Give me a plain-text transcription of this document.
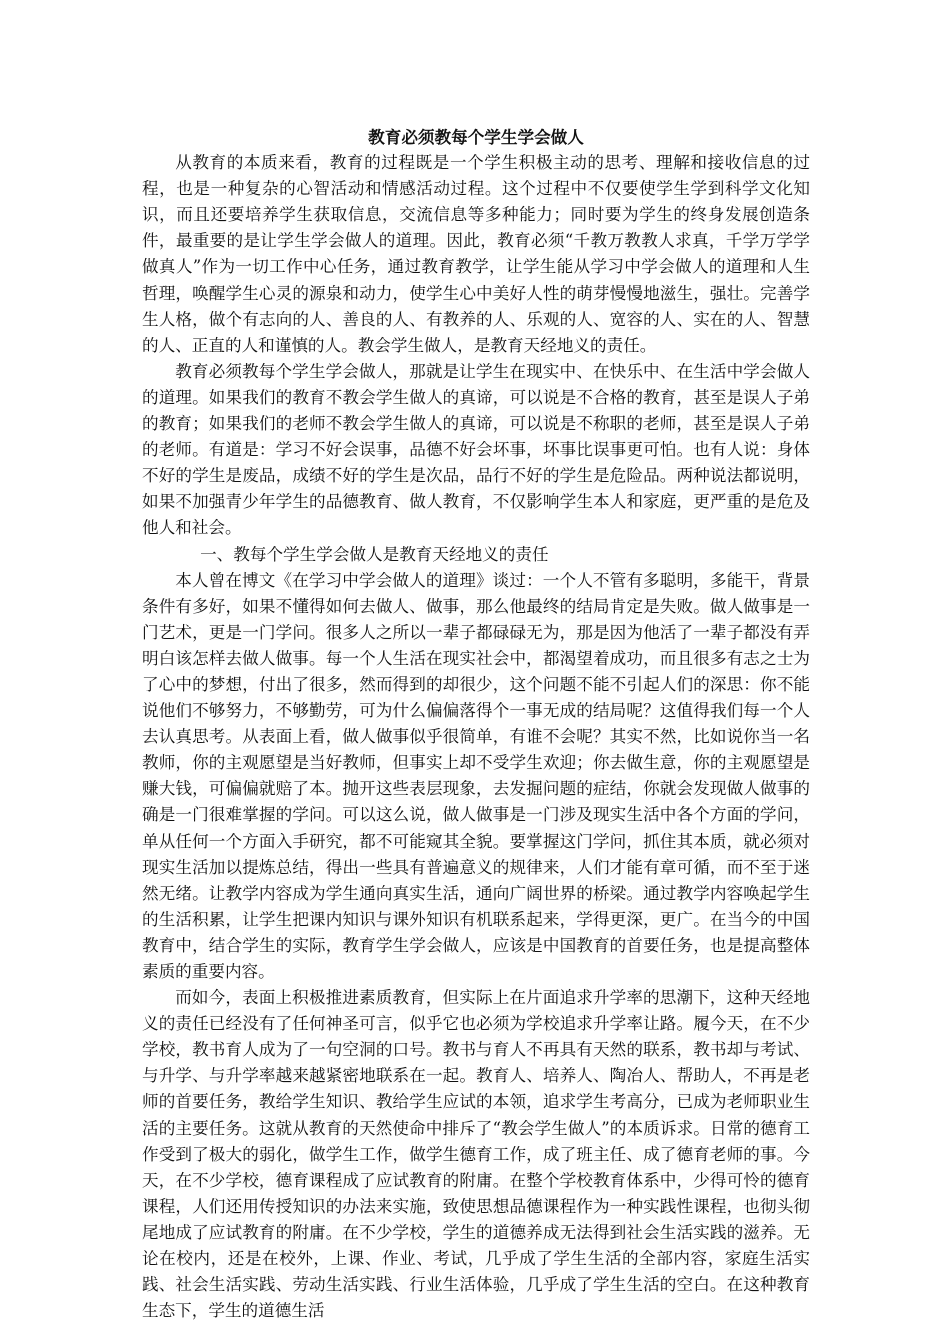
教育必须教每个学生学会做人

从教育的本质来看，教育的过程既是一个学生积极主动的思考、理解和接收信息的过程，也是一种复杂的心智活动和情感活动过程。这个过程中不仅要使学生学到科学文化知识，而且还要培养学生获取信息，交流信息等多种能力；同时要为学生的终身发展创造条件，最重要的是让学生学会做人的道理。因此，教育必须“千教万教教人求真，千学万学学做真人”作为一切工作中心任务，通过教育教学，让学生能从学习中学会做人的道理和人生哲理，唤醒学生心灵的源泉和动力，使学生心中美好人性的萌芽慢慢地滋生，强壮。完善学生人格，做个有志向的人、善良的人、有教养的人、乐观的人、宽容的人、实在的人、智慧的人、正直的人和谨慎的人。教会学生做人，是教育天经地义的责任。

教育必须教每个学生学会做人，那就是让学生在现实中、在快乐中、在生活中学会做人的道理。如果我们的教育不教会学生做人的真谛，可以说是不合格的教育，甚至是误人子弟的教育；如果我们的老师不教会学生做人的真谛，可以说是不称职的老师，甚至是误人子弟的老师。有道是：学习不好会误事，品德不好会坏事，坏事比误事更可怕。也有人说：身体不好的学生是废品，成绩不好的学生是次品，品行不好的学生是危险品。两种说法都说明，如果不加强青少年学生的品德教育、做人教育，不仅影响学生本人和家庭，更严重的是危及他人和社会。

一、教每个学生学会做人是教育天经地义的责任

本人曾在博文《在学习中学会做人的道理》谈过：一个人不管有多聪明，多能干，背景条件有多好，如果不懂得如何去做人、做事，那么他最终的结局肯定是失败。做人做事是一门艺术，更是一门学问。很多人之所以一辈子都碌碌无为，那是因为他活了一辈子都没有弄明白该怎样去做人做事。每一个人生活在现实社会中，都渴望着成功，而且很多有志之士为了心中的梦想，付出了很多，然而得到的却很少，这个问题不能不引起人们的深思：你不能说他们不够努力，不够勤劳，可为什么偏偏落得个一事无成的结局呢？这值得我们每一个人去认真思考。从表面上看，做人做事似乎很简单，有谁不会呢？其实不然，比如说你当一名教师，你的主观愿望是当好教师，但事实上却不受学生欢迎；你去做生意，你的主观愿望是赚大钱，可偏偏就赔了本。抛开这些表层现象，去发掘问题的症结，你就会发现做人做事的确是一门很难掌握的学问。可以这么说，做人做事是一门涉及现实生活中各个方面的学问，单从任何一个方面入手研究，都不可能窥其全貌。要掌握这门学问，抓住其本质，就必须对现实生活加以提炼总结，得出一些具有普遍意义的规律来，人们才能有章可循，而不至于迷然无绪。让教学内容成为学生通向真实生活，通向广阔世界的桥梁。通过教学内容唤起学生的生活积累，让学生把课内知识与课外知识有机联系起来，学得更深，更广。在当今的中国教育中，结合学生的实际，教育学生学会做人，应该是中国教育的首要任务，也是提高整体素质的重要内容。

而如今，表面上积极推进素质教育，但实际上在片面追求升学率的思潮下，这种天经地义的责任已经没有了任何神圣可言，似乎它也必须为学校追求升学率让路。履今天，在不少学校，教书育人成为了一句空洞的口号。教书与育人不再具有天然的联系，教书却与考试、与升学、与升学率越来越紧密地联系在一起。教育人、培养人、陶冶人、帮助人，不再是老师的首要任务，教给学生知识、教给学生应试的本领，追求学生考高分，已成为老师职业生活的主要任务。这就从教育的天然使命中排斥了“教会学生做人”的本质诉求。日常的德育工作受到了极大的弱化，做学生工作，做学生德育工作，成了班主任、成了德育老师的事。今天，在不少学校，德育课程成了应试教育的附庸。在整个学校教育体系中，少得可怜的德育课程，人们还用传授知识的办法来实施，致使思想品德课程作为一种实践性课程，也彻头彻尾地成了应试教育的附庸。在不少学校，学生的道德养成无法得到社会生活实践的滋养。无论在校内，还是在校外，上课、作业、考试，几乎成了学生生活的全部内容，家庭生活实践、社会生活实践、劳动生活实践、行业生活体验，几乎成了学生生活的空白。在这种教育生态下，学生的道德生活
